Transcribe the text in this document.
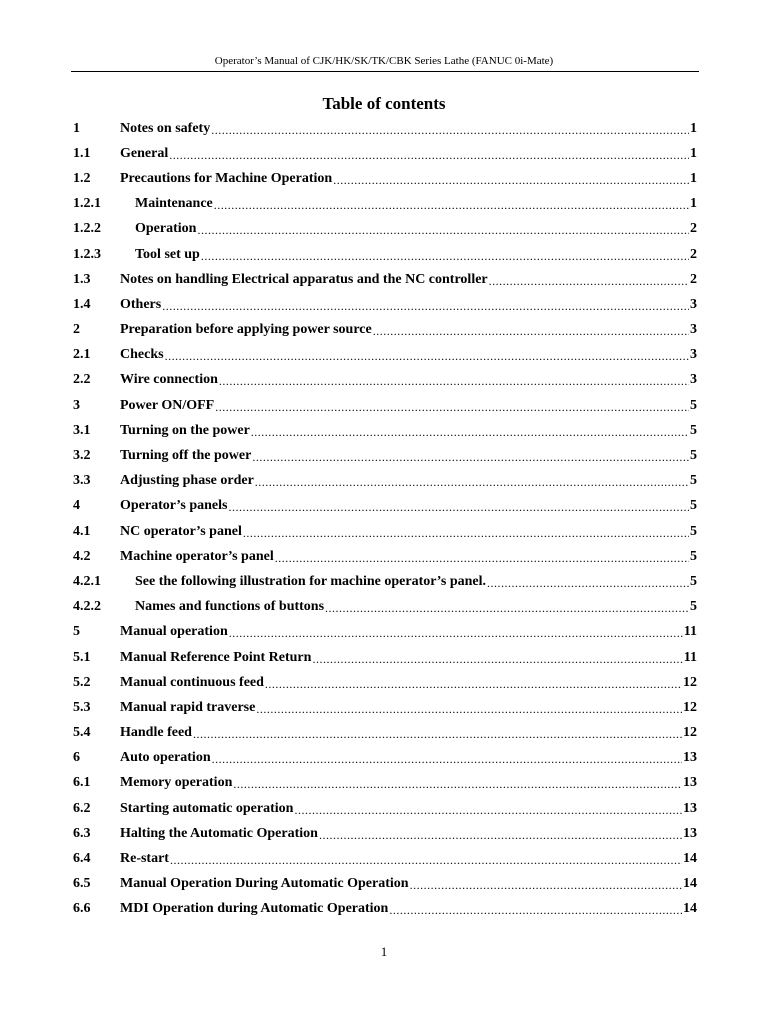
Operator’s Manual of CJK/HK/SK/TK/CBK Series Lathe (FANUC 0i-Mate)
Table of contents
1	Notes on safety .....	1
1.1	General .....	1
1.2	Precautions for Machine Operation .....	1
1.2.1	Maintenance .....	1
1.2.2	Operation .....	2
1.2.3	Tool set up .....	2
1.3	Notes on handling Electrical apparatus and the NC controller .....	2
1.4	Others .....	3
2	Preparation before applying power source .....	3
2.1	Checks .....	3
2.2	Wire connection .....	3
3	Power ON/OFF .....	5
3.1	Turning on the power .....	5
3.2	Turning off the power .....	5
3.3	Adjusting phase order .....	5
4	Operator’s panels .....	5
4.1	NC operator’s panel .....	5
4.2	Machine operator’s panel .....	5
4.2.1	See the following illustration for machine operator’s panel. .....	5
4.2.2	Names and functions of buttons .....	5
5	Manual operation .....	11
5.1	Manual Reference Point Return .....	11
5.2	Manual continuous feed .....	12
5.3	Manual rapid traverse .....	12
5.4	Handle feed .....	12
6	Auto operation .....	13
6.1	Memory operation .....	13
6.2	Starting automatic operation .....	13
6.3	Halting the Automatic Operation .....	13
6.4	Re-start .....	14
6.5	Manual Operation During Automatic Operation .....	14
6.6	MDI Operation during Automatic Operation .....	14
1
